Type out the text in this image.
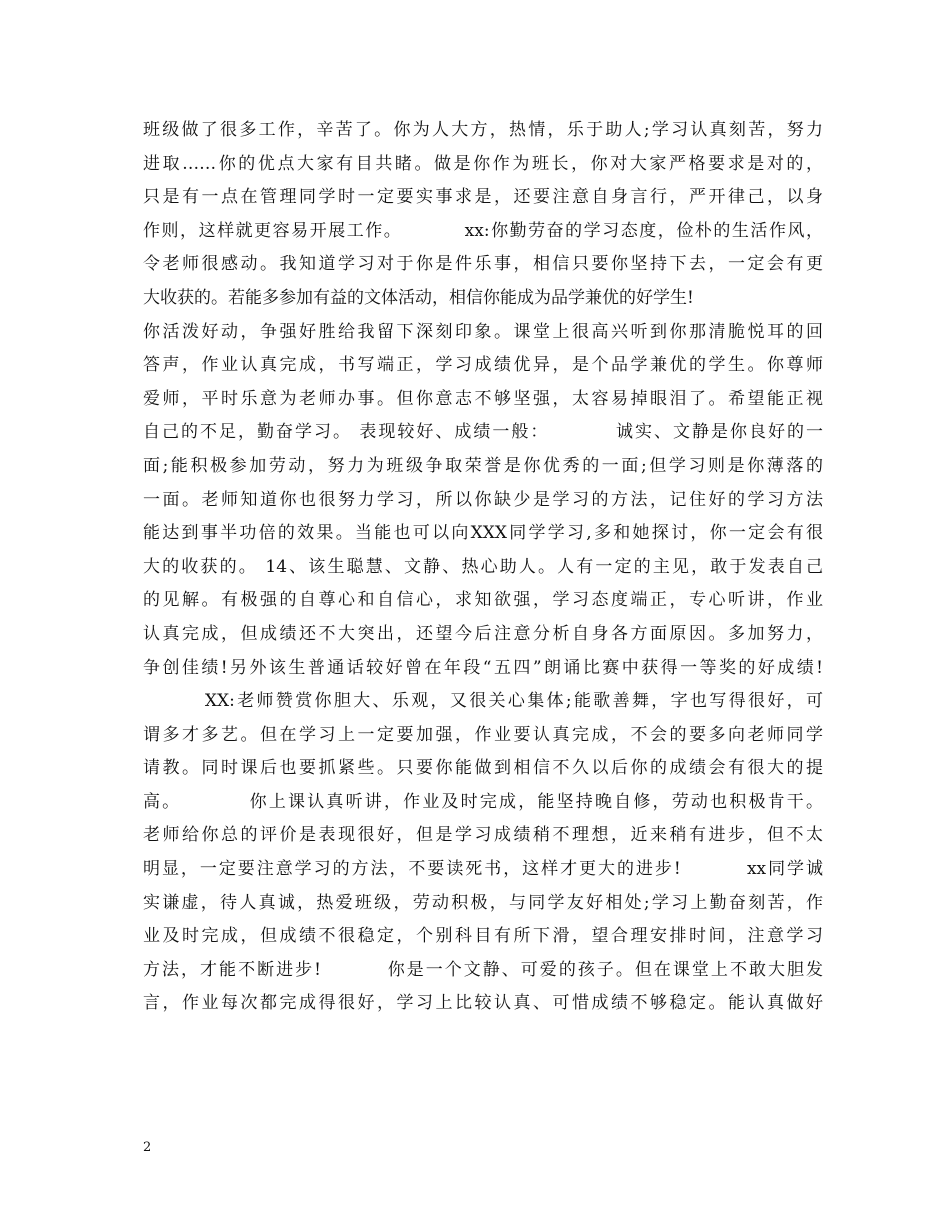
班级做了很多工作，辛苦了。你为人大方，热情，乐于助人;学习认真刻苦，努力
进取……你的优点大家有目共睹。做是你作为班长，你对大家严格要求是对的，
只是有一点在管理同学时一定要实事求是，还要注意自身言行，严开律己，以身
作则，这样就更容易开展工作。         xx:你勤劳奋的学习态度，俭朴的生活作风，
令老师很感动。我知道学习对于你是件乐事，相信只要你坚持下去，一定会有更
大收获的。若能多参加有益的文体活动，相信你能成为品学兼优的好学生!
你活泼好动，争强好胜给我留下深刻印象。课堂上很高兴听到你那清脆悦耳的回
答声，作业认真完成，书写端正，学习成绩优异，是个品学兼优的学生。你尊师
爱师，平时乐意为老师办事。但你意志不够坚强，太容易掉眼泪了。希望能正视
自己的不足，勤奋学习。 表现较好、成绩一般：         诚实、文静是你良好的一
面;能积极参加劳动，努力为班级争取荣誉是你优秀的一面;但学习则是你薄落的
一面。老师知道你也很努力学习，所以你缺少是学习的方法，记住好的学习方法
能达到事半功倍的效果。当能也可以向XXX同学学习,多和她探讨，你一定会有很
大的收获的。 14、该生聪慧、文静、热心助人。人有一定的主见，敢于发表自己
的见解。有极强的自尊心和自信心，求知欲强，学习态度端正，专心听讲，作业
认真完成，但成绩还不大突出，还望今后注意分析自身各方面原因。多加努力，
争创佳绩!另外该生普通话较好曾在年段“五四”朗诵比赛中获得一等奖的好成绩!
XX:老师赞赏你胆大、乐观，又很关心集体;能歌善舞，字也写得很好，可
谓多才多艺。但在学习上一定要加强，作业要认真完成，不会的要多向老师同学
请教。同时课后也要抓紧些。只要你能做到相信不久以后你的成绩会有很大的提
高。         你上课认真听讲，作业及时完成，能坚持晚自修，劳动也积极肯干。
老师给你总的评价是表现很好，但是学习成绩稍不理想，近来稍有进步，但不太
明显，一定要注意学习的方法，不要读死书，这样才更大的进步!         xx同学诚
实谦虚，待人真诚，热爱班级，劳动积极，与同学友好相处;学习上勤奋刻苦，作
业及时完成，但成绩不很稳定，个别科目有所下滑，望合理安排时间，注意学习
方法，才能不断进步!         你是一个文静、可爱的孩子。但在课堂上不敢大胆发
言，作业每次都完成得很好，学习上比较认真、可惜成绩不够稳定。能认真做好
2
